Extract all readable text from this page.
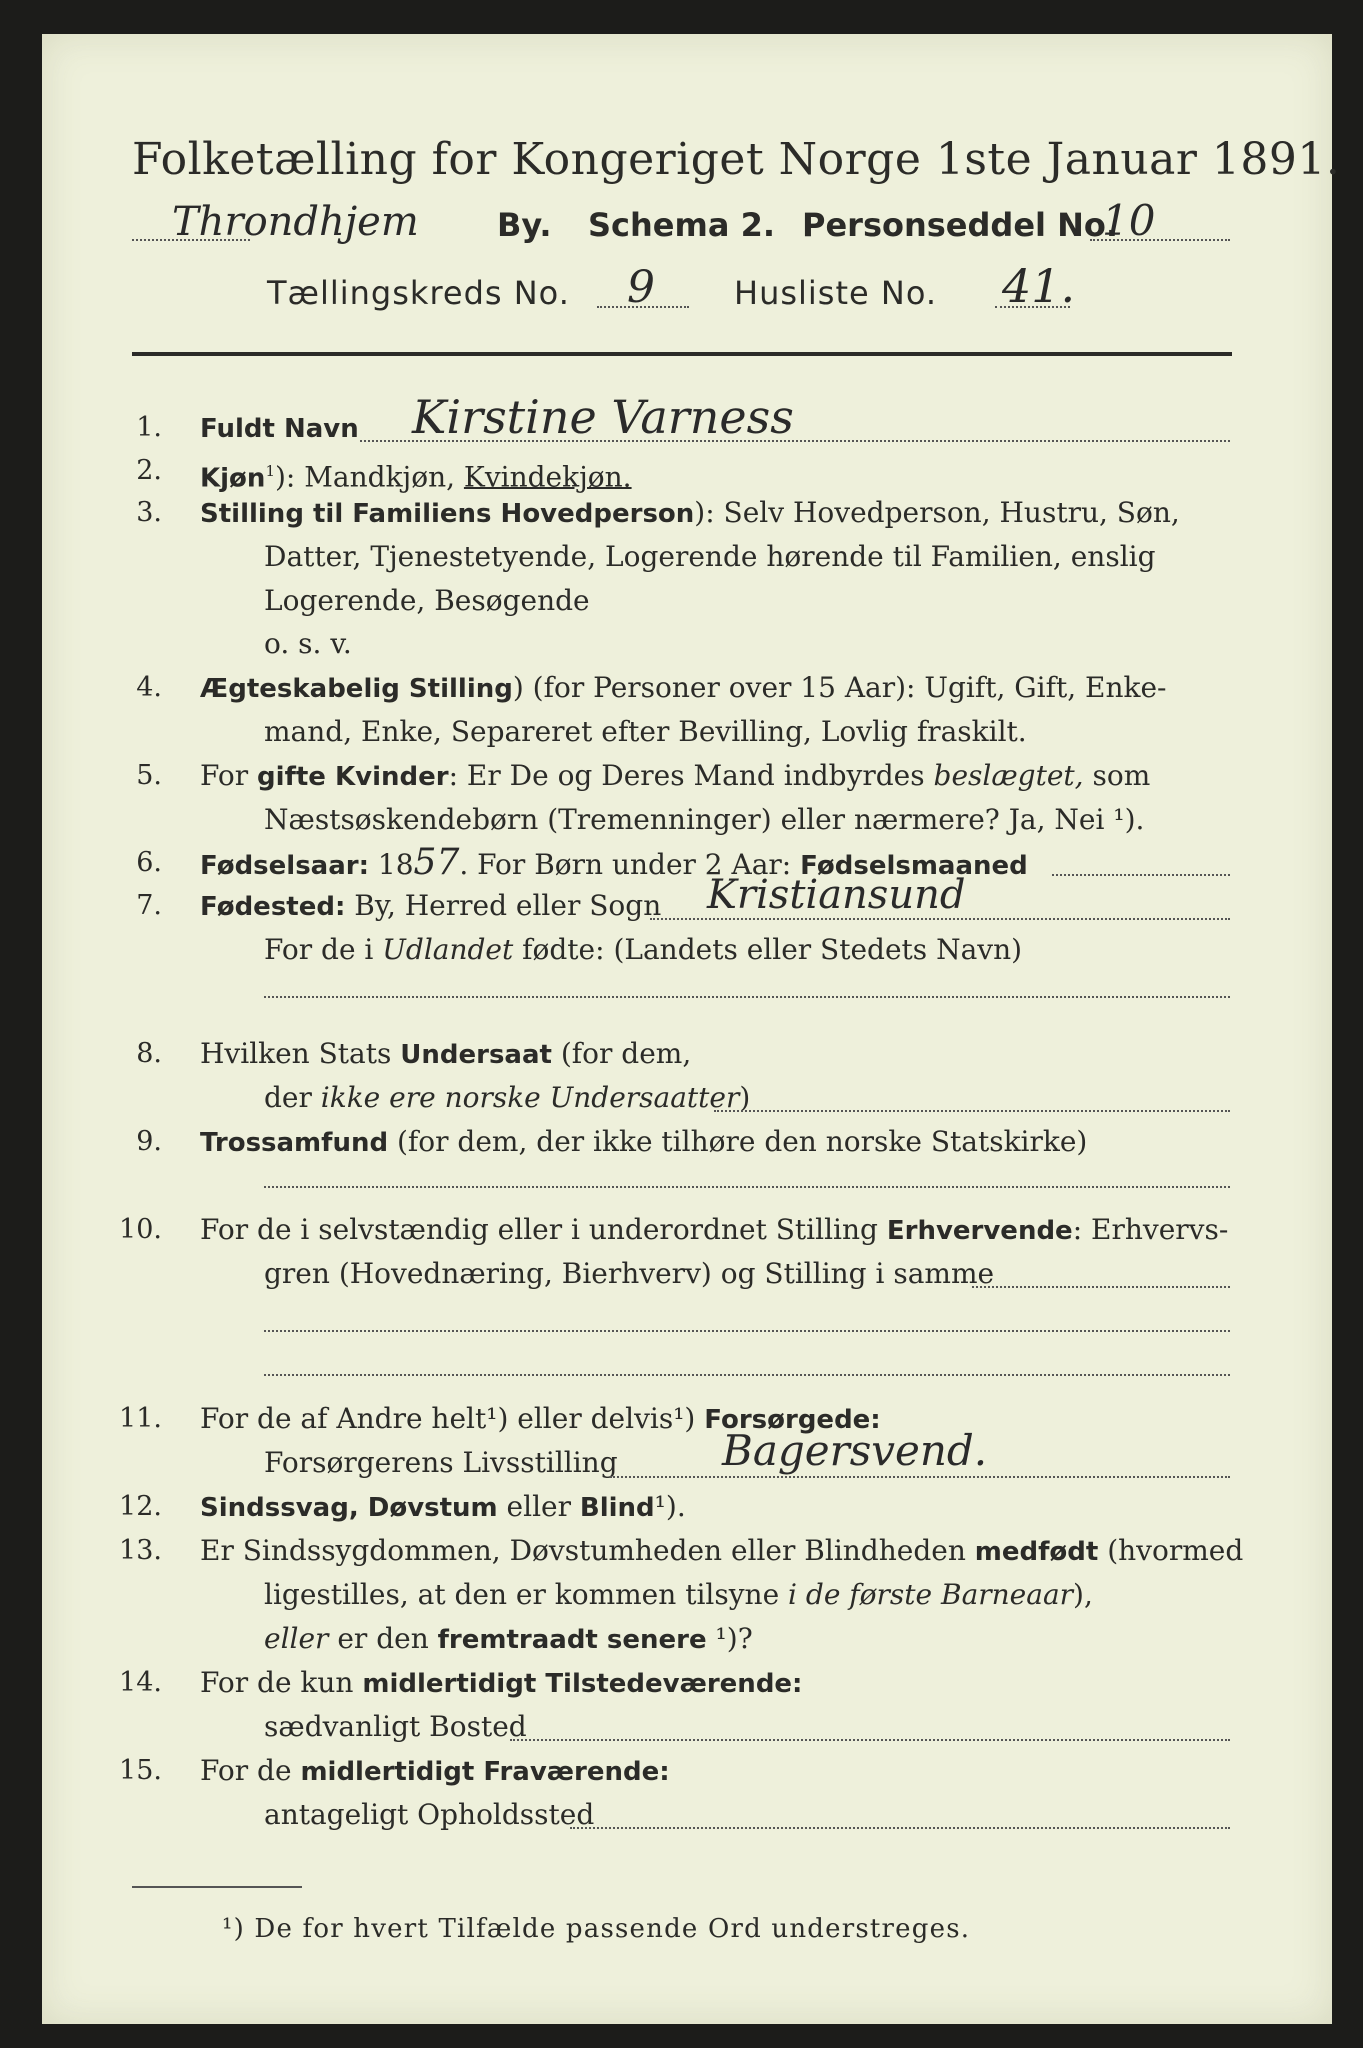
Folketælling for Kongeriget Norge 1ste Januar 1891.
Throndhjem By. Schema 2. Personseddel No.
10
Tællingskreds No. 9 Husliste No. 41.
1. Fuldt Navn Kirstine Varness
2. Kjøn$^1$): Mandkjøn, Kvindekjøn.
3. Stilling til Familiens Hovedperson): Selv Hovedperson, Hustru, Søn,
Datter, Tjenestetyende, Logerende hørende til Familien, enslig
Logerende, Besøgende
o. s. v.
4. Ægteskabelig Stilling) (for Personer over 15 Aar): Ugift, Gift, Enke-
mand, Enke, Separeret efter Bevilling, Lovlig fraskilt.
5. For gifte Kvinder: Er De og Deres Mand indbyrdes beslægtet, som
Næstsøskendebørn (Tremenninger) eller nærmere? Ja, Nei ¹).
6. Fødselsaar: 1857. For Børn under 2 Aar: Fødselsmaaned
7. Fødested: By, Herred eller Sogn Kristiansund
For de i Udlandet fødte: (Landets eller Stedets Navn)
8. Hvilken Stats Undersaat (for dem,
der ikke ere norske Undersaatter)
9. Trossamfund (for dem, der ikke tilhøre den norske Statskirke)
10. For de i selvstændig eller i underordnet Stilling Erhvervende: Erhvervs-
gren (Hovednæring, Bierhverv) og Stilling i samme
11. For de af Andre helt¹) eller delvis¹) Forsørgede:
Forsørgerens Livsstilling Bagersvend.
12. Sindssvag, Døvstum eller Blind¹).
13. Er Sindssygdommen, Døvstumheden eller Blindheden medfødt (hvormed
ligestilles, at den er kommen tilsyne i de første Barneaar),
eller er den fremtraadt senere ¹)?
14. For de kun midlertidigt Tilstedeværende:
sædvanligt Bosted
15. For de midlertidigt Fraværende:
antageligt Opholdssted
¹) De for hvert Tilfælde passende Ord understreges.
